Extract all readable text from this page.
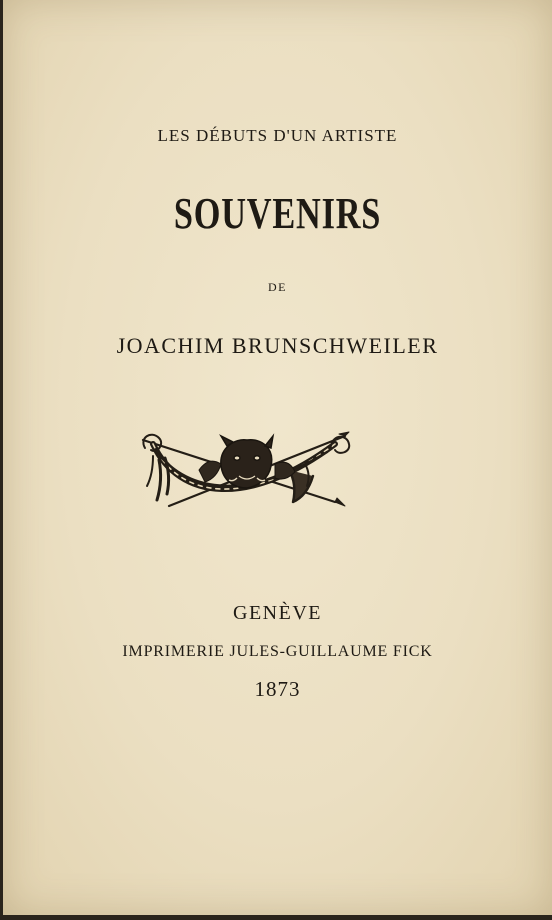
LES DÉBUTS D'UN ARTISTE
SOUVENIRS
DE
JOACHIM BRUNSCHWEILER
GENÈVE
IMPRIMERIE JULES-GUILLAUME FICK
1873
